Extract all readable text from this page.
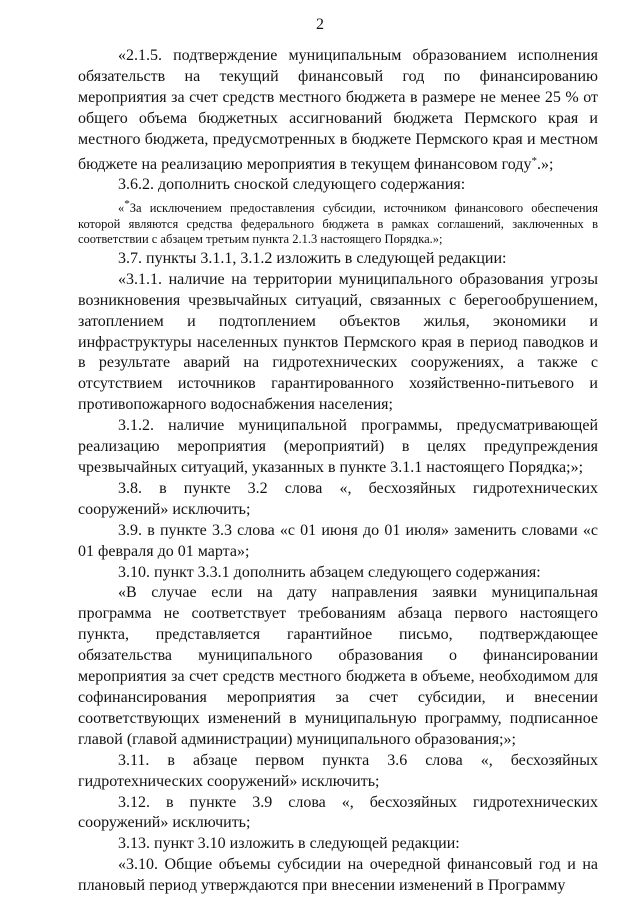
2

«2.1.5. подтверждение муниципальным образованием исполнения обязательств на текущий финансовый год по финансированию мероприятия за счет средств местного бюджета в размере не менее 25 % от общего объема бюджетных ассигнований бюджета Пермского края и местного бюджета, предусмотренных в бюджете Пермского края и местном бюджете на реализацию мероприятия в текущем финансовом году*.»;

3.6.2. дополнить сноской следующего содержания:

«*За исключением предоставления субсидии, источником финансового обеспечения которой являются средства федерального бюджета в рамках соглашений, заключенных в соответствии с абзацем третьим пункта 2.1.3 настоящего Порядка.»;

3.7. пункты 3.1.1, 3.1.2 изложить в следующей редакции:

«3.1.1. наличие на территории муниципального образования угрозы возникновения чрезвычайных ситуаций, связанных с берегообрушением, затоплением и подтоплением объектов жилья, экономики и инфраструктуры населенных пунктов Пермского края в период паводков и в результате аварий на гидротехнических сооружениях, а также с отсутствием источников гарантированного хозяйственно-питьевого и противопожарного водоснабжения населения;

3.1.2. наличие муниципальной программы, предусматривающей реализацию мероприятия (мероприятий) в целях предупреждения чрезвычайных ситуаций, указанных в пункте 3.1.1 настоящего Порядка;»;

3.8. в пункте 3.2 слова «, бесхозяйных гидротехнических сооружений» исключить;

3.9. в пункте 3.3 слова «с 01 июня до 01 июля» заменить словами «с 01 февраля до 01 марта»;

3.10. пункт 3.3.1 дополнить абзацем следующего содержания:

«В случае если на дату направления заявки муниципальная программа не соответствует требованиям абзаца первого настоящего пункта, представляется гарантийное письмо, подтверждающее обязательства муниципального образования о финансировании мероприятия за счет средств местного бюджета в объеме, необходимом для софинансирования мероприятия за счет субсидии, и внесении соответствующих изменений в муниципальную программу, подписанное главой (главой администрации) муниципального образования;»;

3.11. в абзаце первом пункта 3.6 слова «, бесхозяйных гидротехнических сооружений» исключить;

3.12. в пункте 3.9 слова «, бесхозяйных гидротехнических сооружений» исключить;

3.13. пункт 3.10 изложить в следующей редакции:

«3.10. Общие объемы субсидии на очередной финансовый год и на плановый период утверждаются при внесении изменений в Программу
